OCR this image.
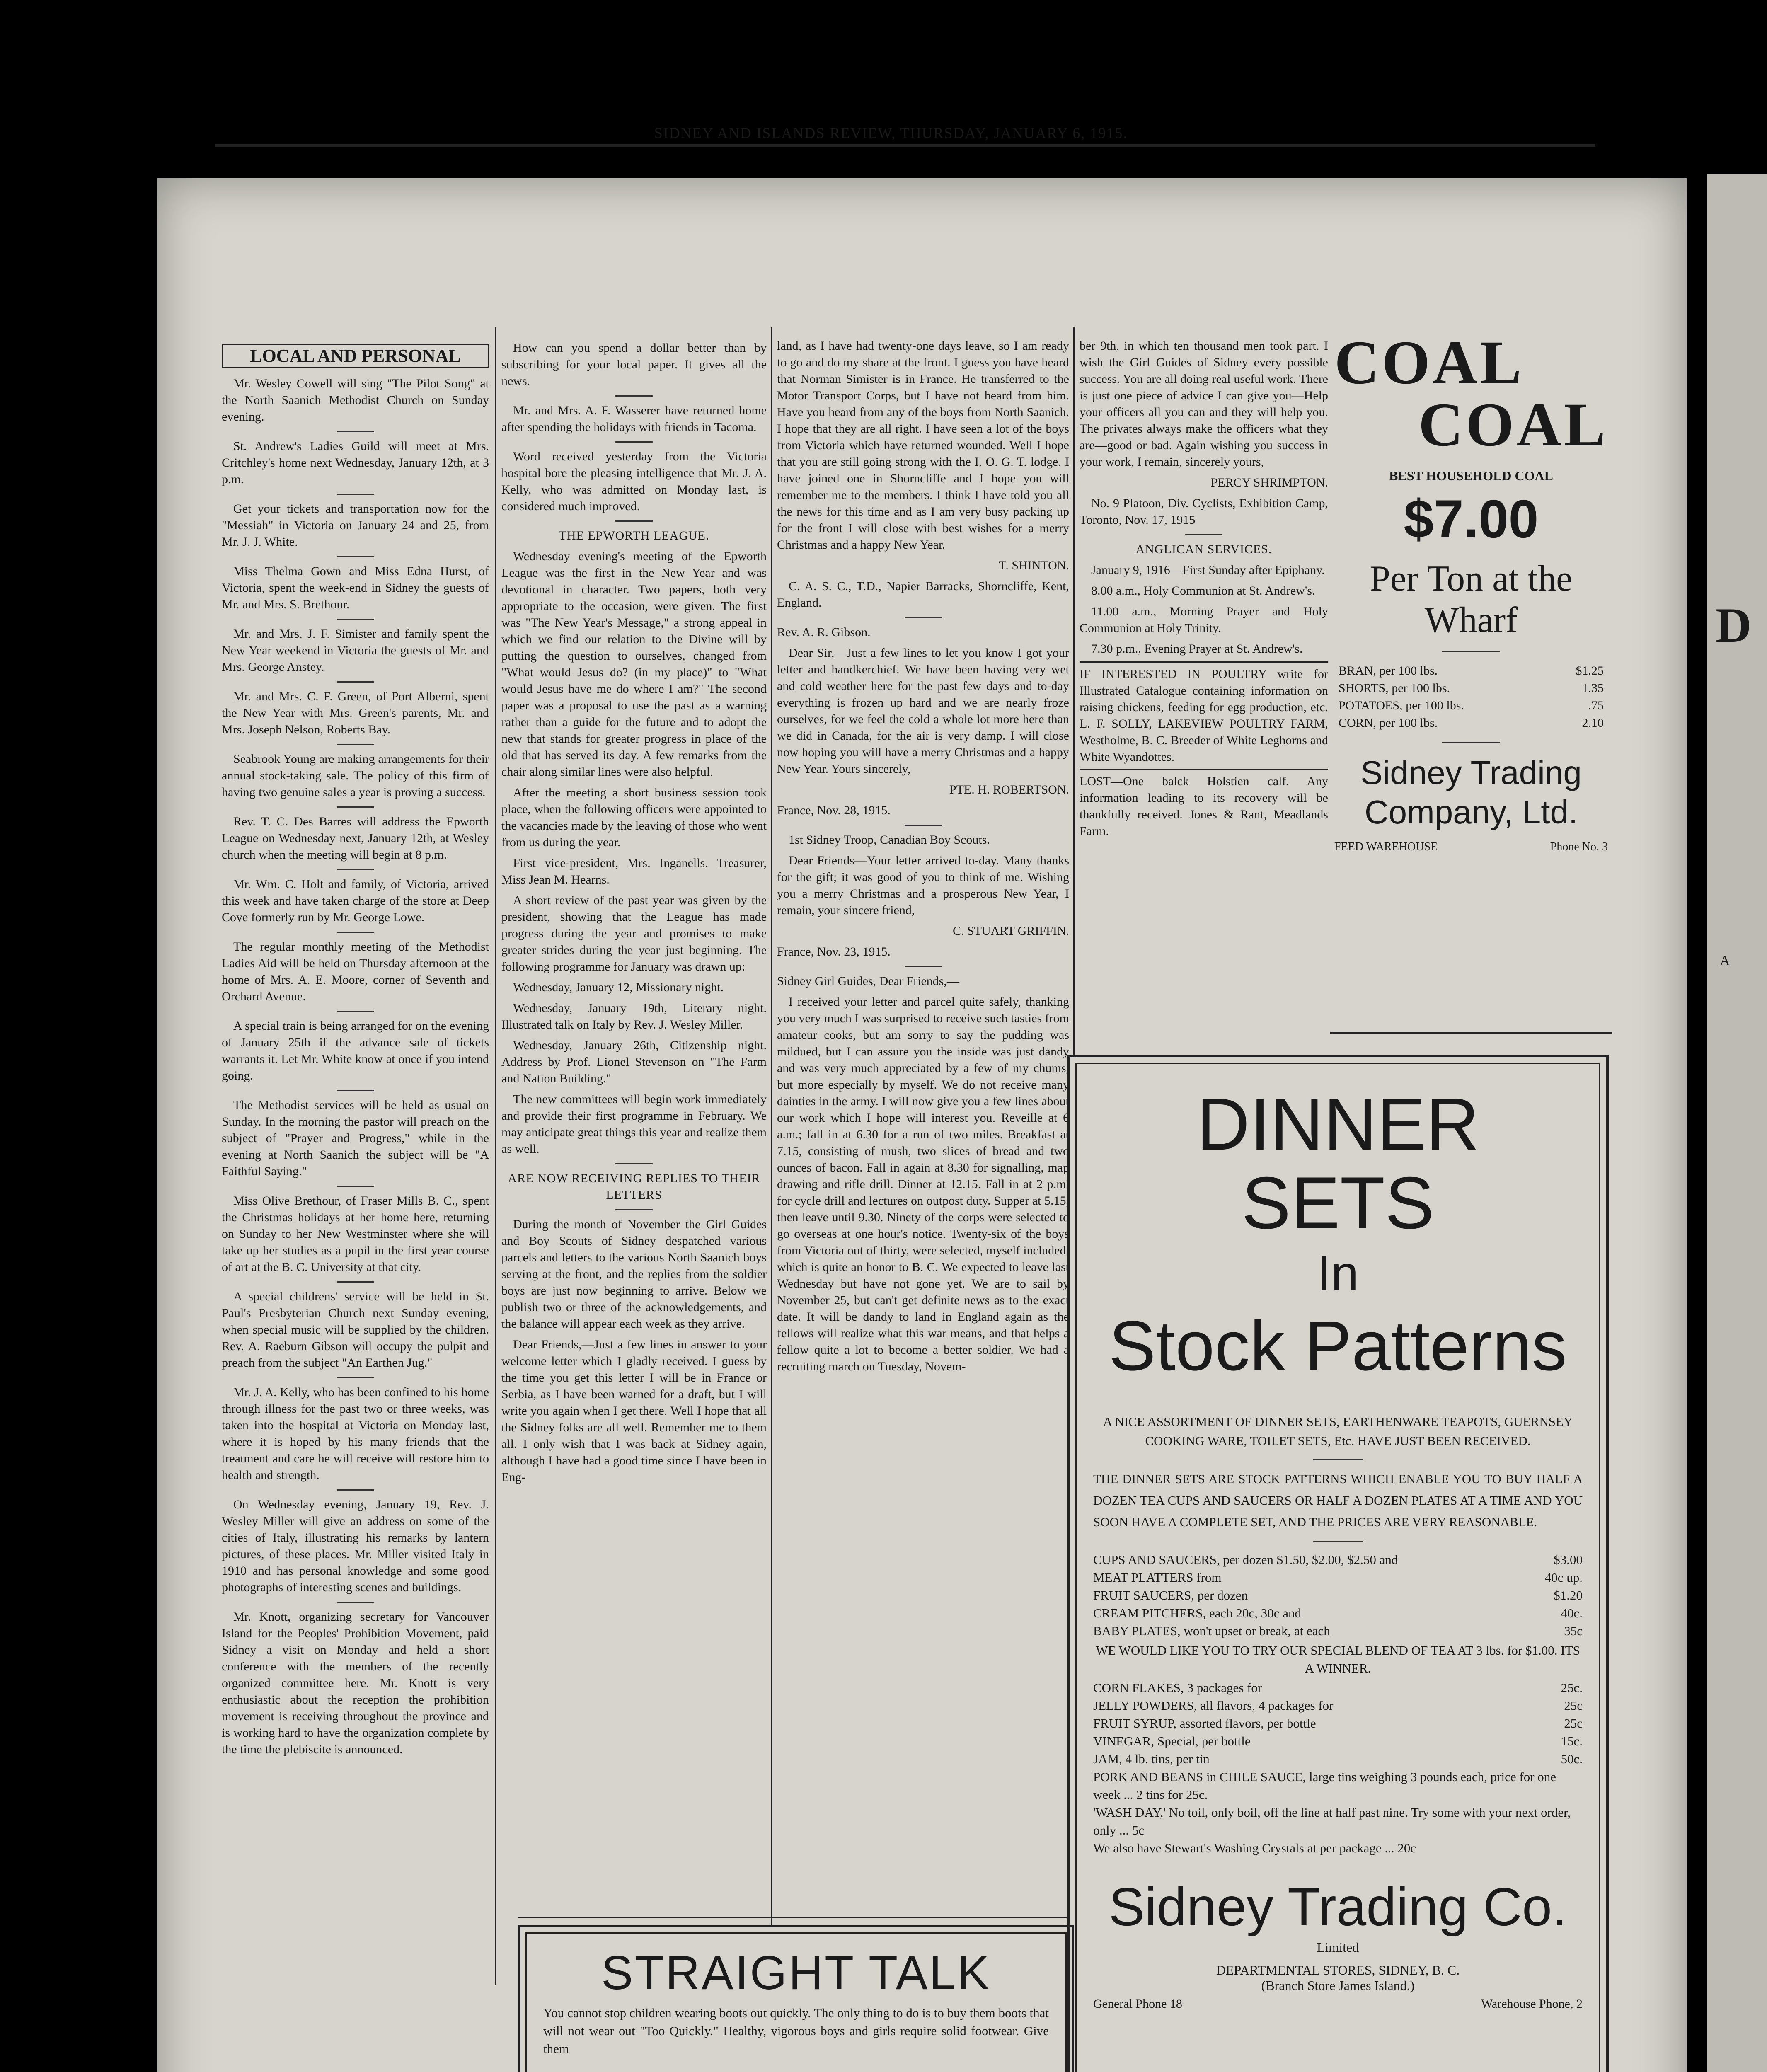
D
A
SIDNEY AND ISLANDS REVIEW, THURSDAY, JANUARY 6, 1915.
LOCAL AND PERSONAL

Mr. Wesley Cowell will sing "The Pilot Song" at the North Saanich Methodist Church on Sunday evening.

St. Andrew's Ladies Guild will meet at Mrs. Critchley's home next Wednesday, January 12th, at 3 p.m.

Get your tickets and transportation now for the "Messiah" in Victoria on January 24 and 25, from Mr. J. J. White.

Miss Thelma Gown and Miss Edna Hurst, of Victoria, spent the week-end in Sidney the guests of Mr. and Mrs. S. Brethour.

Mr. and Mrs. J. F. Simister and family spent the New Year weekend in Victoria the guests of Mr. and Mrs. George Anstey.

Mr. and Mrs. C. F. Green, of Port Alberni, spent the New Year with Mrs. Green's parents, Mr. and Mrs. Joseph Nelson, Roberts Bay.

Seabrook Young are making arrangements for their annual stock-taking sale. The policy of this firm of having two genuine sales a year is proving a success.

Rev. T. C. Des Barres will address the Epworth League on Wednesday next, January 12th, at Wesley church when the meeting will begin at 8 p.m.

Mr. Wm. C. Holt and family, of Victoria, arrived this week and have taken charge of the store at Deep Cove formerly run by Mr. George Lowe.

The regular monthly meeting of the Methodist Ladies Aid will be held on Thursday afternoon at the home of Mrs. A. E. Moore, corner of Seventh and Orchard Avenue.

A special train is being arranged for on the evening of January 25th if the advance sale of tickets warrants it. Let Mr. White know at once if you intend going.

The Methodist services will be held as usual on Sunday. In the morning the pastor will preach on the subject of "Prayer and Progress," while in the evening at North Saanich the subject will be "A Faithful Saying."

Miss Olive Brethour, of Fraser Mills B. C., spent the Christmas holidays at her home here, returning on Sunday to her New Westminster where she will take up her studies as a pupil in the first year course of art at the B. C. University at that city.

A special childrens' service will be held in St. Paul's Presbyterian Church next Sunday evening, when special music will be supplied by the children. Rev. A. Raeburn Gibson will occupy the pulpit and preach from the subject "An Earthen Jug."

Mr. J. A. Kelly, who has been confined to his home through illness for the past two or three weeks, was taken into the hospital at Victoria on Monday last, where it is hoped by his many friends that the treatment and care he will receive will restore him to health and strength.

On Wednesday evening, January 19, Rev. J. Wesley Miller will give an address on some of the cities of Italy, illustrating his remarks by lantern pictures, of these places. Mr. Miller visited Italy in 1910 and has personal knowledge and some good photographs of interesting scenes and buildings.

Mr. Knott, organizing secretary for Vancouver Island for the Peoples' Prohibition Movement, paid Sidney a visit on Monday and held a short conference with the members of the recently organized committee here. Mr. Knott is very enthusiastic about the reception the prohibition movement is receiving throughout the province and is working hard to have the organization complete by the time the plebiscite is announced.

How can you spend a dollar better than by subscribing for your local paper. It gives all the news.

Mr. and Mrs. A. F. Wasserer have returned home after spending the holidays with friends in Tacoma.

Word received yesterday from the Victoria hospital bore the pleasing intelligence that Mr. J. A. Kelly, who was admitted on Monday last, is considered much improved.

THE EPWORTH LEAGUE.

Wednesday evening's meeting of the Epworth League was the first in the New Year and was devotional in character. Two papers, both very appropriate to the occasion, were given. The first was "The New Year's Message," a strong appeal in which we find our relation to the Divine will by putting the question to ourselves, changed from "What would Jesus do? (in my place)" to "What would Jesus have me do where I am?" The second paper was a proposal to use the past as a warning rather than a guide for the future and to adopt the new that stands for greater progress in place of the old that has served its day. A few remarks from the chair along similar lines were also helpful.

After the meeting a short business session took place, when the following officers were appointed to the vacancies made by the leaving of those who went from us during the year.

First vice-president, Mrs. Inganells. Treasurer, Miss Jean M. Hearns.

A short review of the past year was given by the president, showing that the League has made progress during the year and promises to make greater strides during the year just beginning. The following programme for January was drawn up:

Wednesday, January 12, Missionary night.

Wednesday, January 19th, Literary night. Illustrated talk on Italy by Rev. J. Wesley Miller.

Wednesday, January 26th, Citizenship night. Address by Prof. Lionel Stevenson on "The Farm and Nation Building."

The new committees will begin work immediately and provide their first programme in February. We may anticipate great things this year and realize them as well.

ARE NOW RECEIVING REPLIES TO THEIR LETTERS

During the month of November the Girl Guides and Boy Scouts of Sidney despatched various parcels and letters to the various North Saanich boys serving at the front, and the replies from the soldier boys are just now beginning to arrive. Below we publish two or three of the acknowledgements, and the balance will appear each week as they arrive.

Dear Friends,—Just a few lines in answer to your welcome letter which I gladly received. I guess by the time you get this letter I will be in France or Serbia, as I have been warned for a draft, but I will write you again when I get there. Well I hope that all the Sidney folks are all well. Remember me to them all. I only wish that I was back at Sidney again, although I have had a good time since I have been in Eng-

land, as I have had twenty-one days leave, so I am ready to go and do my share at the front. I guess you have heard that Norman Simister is in France. He transferred to the Motor Transport Corps, but I have not heard from him. Have you heard from any of the boys from North Saanich. I hope that they are all right. I have seen a lot of the boys from Victoria which have returned wounded. Well I hope that you are still going strong with the I. O. G. T. lodge. I have joined one in Shorncliffe and I hope you will remember me to the members. I think I have told you all the news for this time and as I am very busy packing up for the front I will close with best wishes for a merry Christmas and a happy New Year.

T. SHINTON.

C. A. S. C., T.D., Napier Barracks, Shorncliffe, Kent, England.

Rev. A. R. Gibson.

Dear Sir,—Just a few lines to let you know I got your letter and handkerchief. We have been having very wet and cold weather here for the past few days and to-day everything is frozen up hard and we are nearly froze ourselves, for we feel the cold a whole lot more here than we did in Canada, for the air is very damp. I will close now hoping you will have a merry Christmas and a happy New Year. Yours sincerely,

PTE. H. ROBERTSON.

France, Nov. 28, 1915.

1st Sidney Troop, Canadian Boy Scouts.

Dear Friends—Your letter arrived to-day. Many thanks for the gift; it was good of you to think of me. Wishing you a merry Christmas and a prosperous New Year, I remain, your sincere friend,

C. STUART GRIFFIN.

France, Nov. 23, 1915.

Sidney Girl Guides, Dear Friends,—

I received your letter and parcel quite safely, thanking you very much I was surprised to receive such tasties from amateur cooks, but am sorry to say the pudding was mildued, but I can assure you the inside was just dandy and was very much appreciated by a few of my chums, but more especially by myself. We do not receive many dainties in the army. I will now give you a few lines about our work which I hope will interest you. Reveille at 6 a.m.; fall in at 6.30 for a run of two miles. Breakfast at 7.15, consisting of mush, two slices of bread and two ounces of bacon. Fall in again at 8.30 for signalling, map drawing and rifle drill. Dinner at 12.15. Fall in at 2 p.m. for cycle drill and lectures on outpost duty. Supper at 5.15, then leave until 9.30. Ninety of the corps were selected to go overseas at one hour's notice. Twenty-six of the boys from Victoria out of thirty, were selected, myself included, which is quite an honor to B. C. We expected to leave last Wednesday but have not gone yet. We are to sail by November 25, but can't get definite news as to the exact date. It will be dandy to land in England again as the fellows will realize what this war means, and that helps a fellow quite a lot to become a better soldier. We had a recruiting march on Tuesday, Novem-

ber 9th, in which ten thousand men took part. I wish the Girl Guides of Sidney every possible success. You are all doing real useful work. There is just one piece of advice I can give you—Help your officers all you can and they will help you. The privates always make the officers what they are—good or bad. Again wishing you success in your work, I remain, sincerely yours,

PERCY SHRIMPTON.

No. 9 Platoon, Div. Cyclists, Exhibition Camp, Toronto, Nov. 17, 1915

ANGLICAN SERVICES.

January 9, 1916—First Sunday after Epiphany.

8.00 a.m., Holy Communion at St. Andrew's.

11.00 a.m., Morning Prayer and Holy Communion at Holy Trinity.

7.30 p.m., Evening Prayer at St. Andrew's.

IF INTERESTED IN POULTRY write for Illustrated Catalogue containing information on raising chickens, feeding for egg production, etc. L. F. SOLLY, LAKEVIEW POULTRY FARM, Westholme, B. C. Breeder of White Leghorns and White Wyandottes.

LOST—One balck Holstien calf. Any information leading to its recovery will be thankfully received. Jones & Rant, Meadlands Farm.

COAL
COAL
BEST HOUSEHOLD COAL
$7.00
Per Ton at the Wharf
BRAN, per 100 lbs.	$1.25
SHORTS, per 100 lbs.	1.35
POTATOES, per 100 lbs.	.75
CORN, per 100 lbs.	2.10
Sidney Trading Company, Ltd.
FEED WAREHOUSE	Phone No. 3
DINNER SETS
In
Stock Patterns
A NICE ASSORTMENT OF DINNER SETS, EARTHENWARE TEAPOTS, GUERNSEY COOKING WARE, TOILET SETS, Etc. HAVE JUST BEEN RECEIVED.
THE DINNER SETS ARE STOCK PATTERNS WHICH ENABLE YOU TO BUY HALF A DOZEN TEA CUPS AND SAUCERS OR HALF A DOZEN PLATES AT A TIME AND YOU SOON HAVE A COMPLETE SET, AND THE PRICES ARE VERY REASONABLE.
CUPS AND SAUCERS, per dozen $1.50, $2.00, $2.50 and	$3.00
MEAT PLATTERS from	40c up.
FRUIT SAUCERS, per dozen	$1.20
CREAM PITCHERS, each 20c, 30c and	40c.
BABY PLATES, won't upset or break, at each	35c
WE WOULD LIKE YOU TO TRY OUR SPECIAL BLEND OF TEA AT 3 lbs. for $1.00. ITS A WINNER.
CORN FLAKES, 3 packages for	25c.
JELLY POWDERS, all flavors, 4 packages for	25c
FRUIT SYRUP, assorted flavors, per bottle	25c
VINEGAR, Special, per bottle	15c.
JAM, 4 lb. tins, per tin	50c.
PORK AND BEANS in CHILE SAUCE, large tins weighing 3 pounds each, price for one week ... 2 tins for 25c.
'WASH DAY,' No toil, only boil, off the line at half past nine. Try some with your next order, only ... 5c
We also have Stewart's Washing Crystals at per package ... 20c
Sidney Trading Co.
Limited
DEPARTMENTAL STORES, SIDNEY, B. C.
(Branch Store James Island.)
General Phone 18	Warehouse Phone, 2
STRAIGHT TALK
You cannot stop children wearing boots out quickly. The only thing to do is to buy them boots that will not wear out "Too Quickly." Healthy, vigorous boys and girls require solid footwear. Give them
